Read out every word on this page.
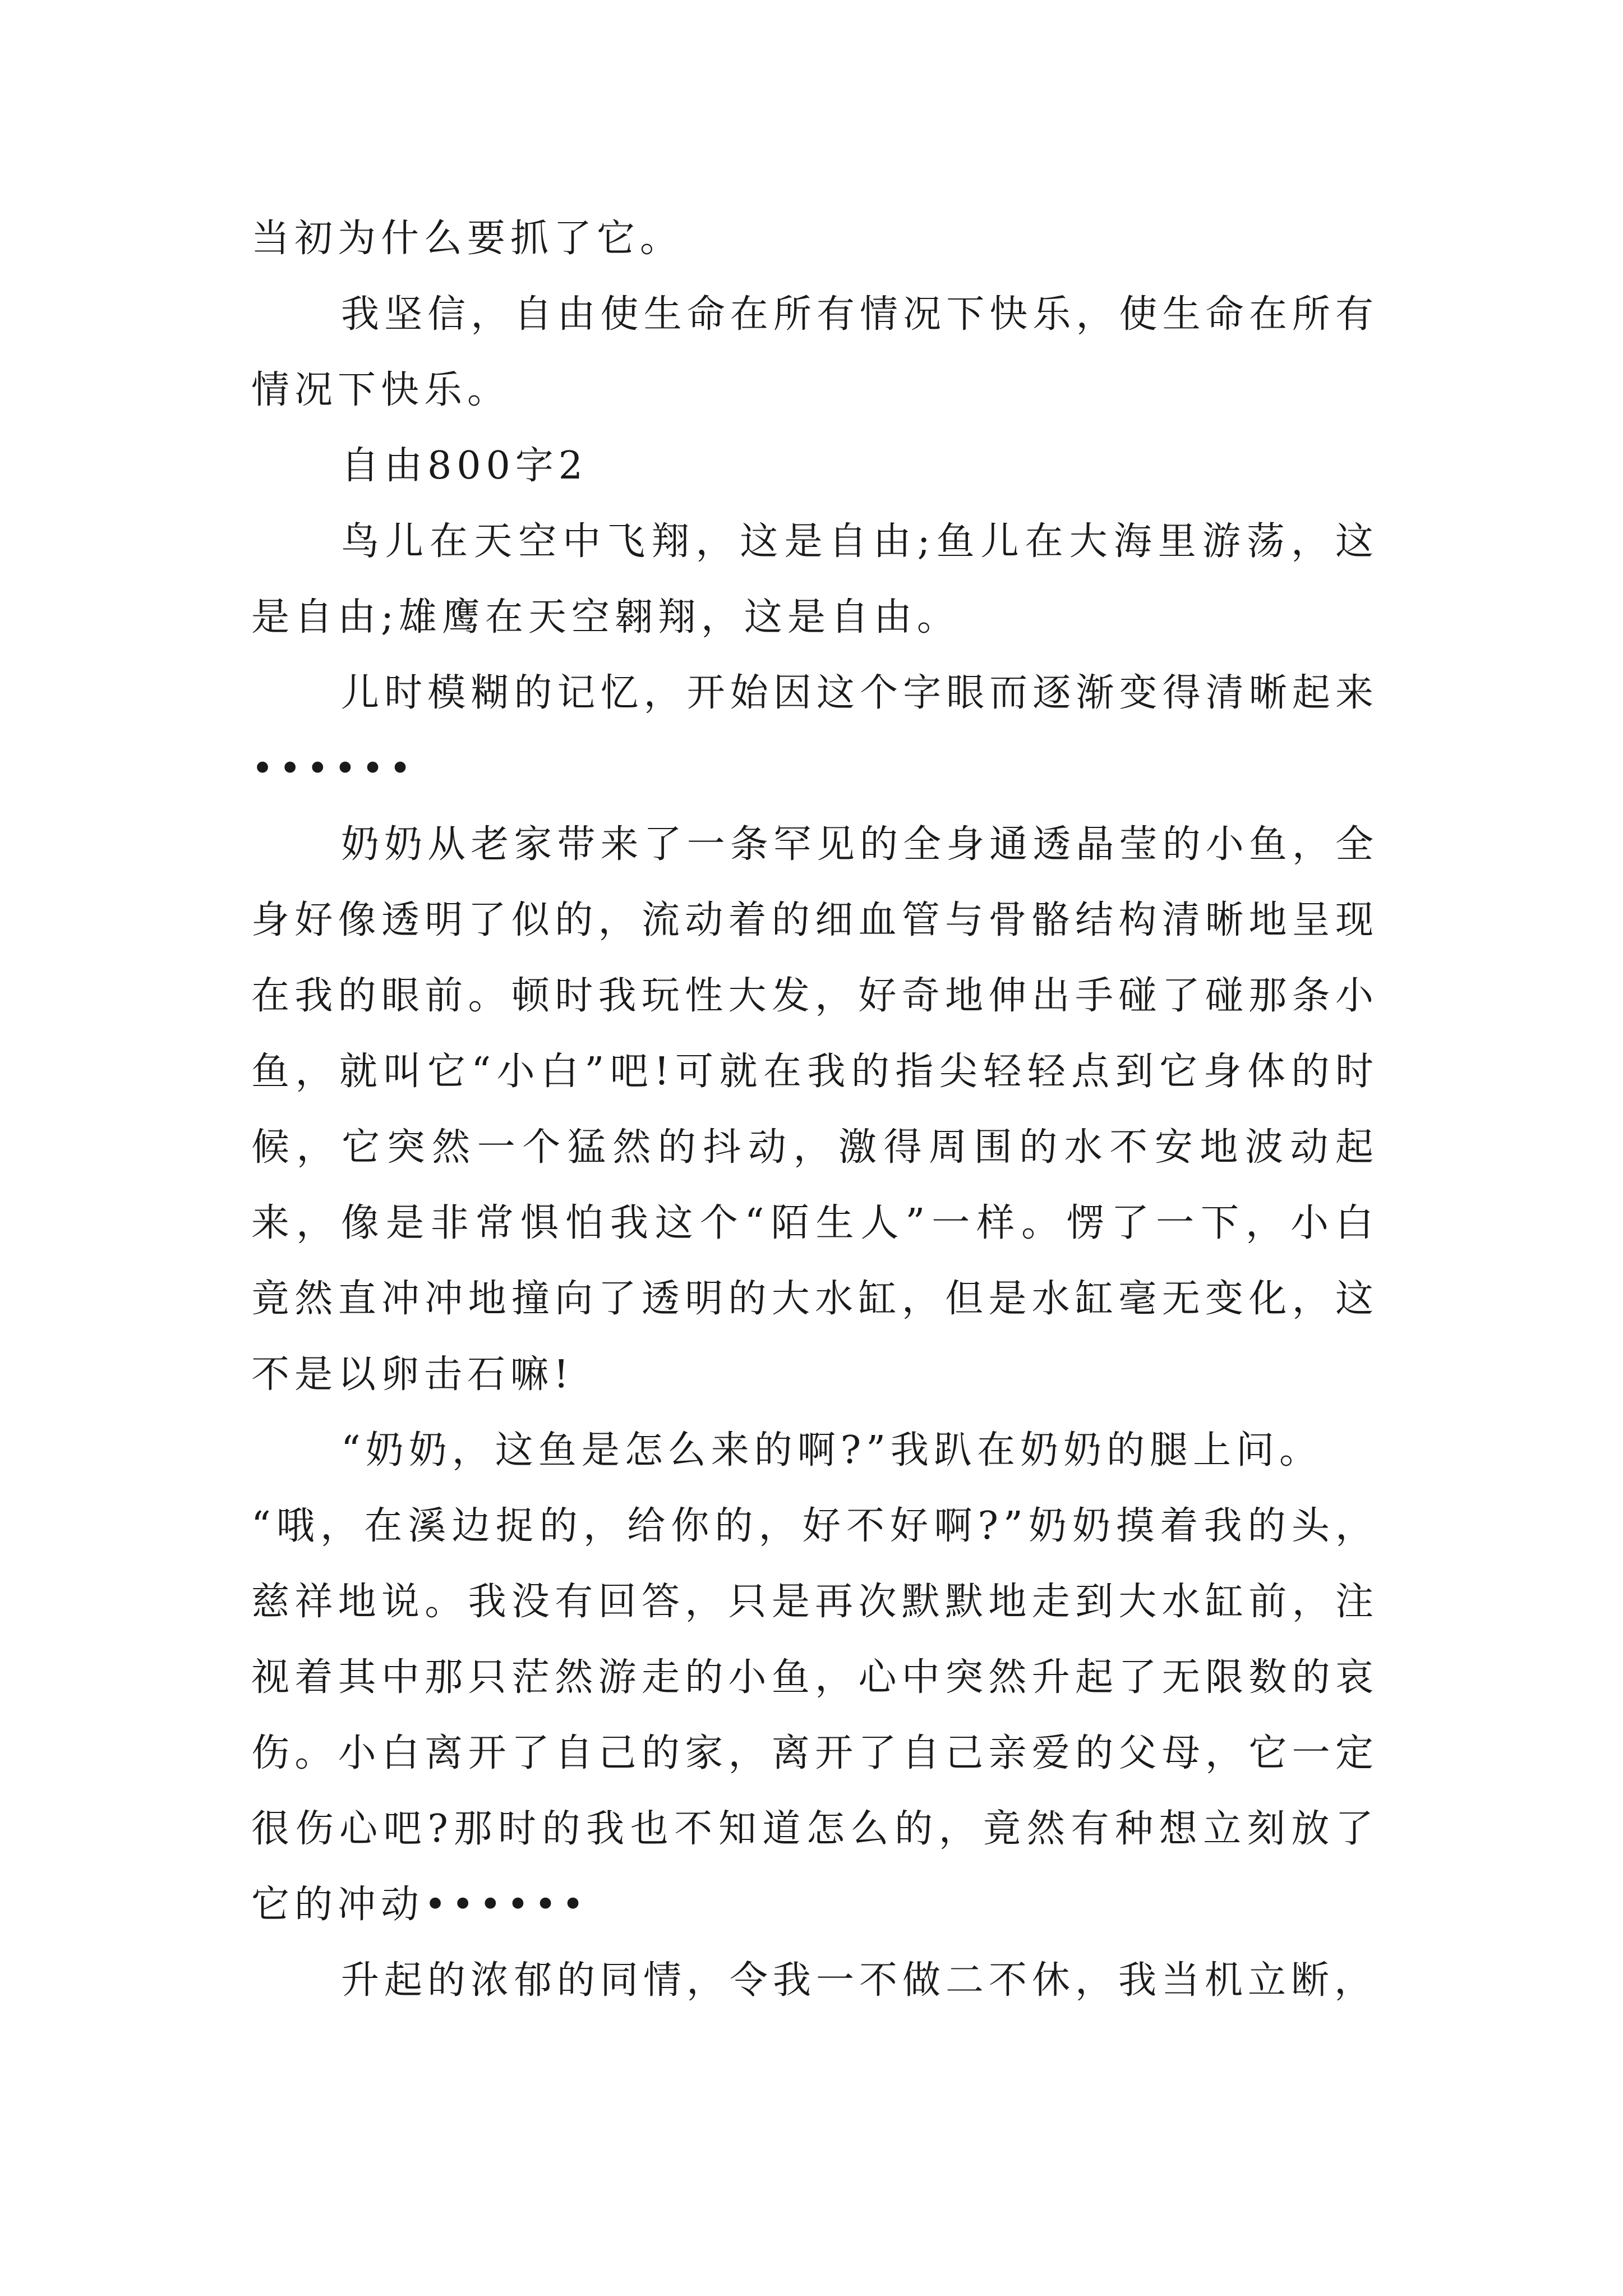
当初为什么要抓了它。

我坚信，自由使生命在所有情况下快乐，使生命在所有情况下快乐。

自由800字2

鸟儿在天空中飞翔，这是自由;鱼儿在大海里游荡，这是自由;雄鹰在天空翱翔，这是自由。

儿时模糊的记忆，开始因这个字眼而逐渐变得清晰起来••••••

奶奶从老家带来了一条罕见的全身通透晶莹的小鱼，全身好像透明了似的，流动着的细血管与骨骼结构清晰地呈现在我的眼前。顿时我玩性大发，好奇地伸出手碰了碰那条小鱼，就叫它“小白”吧!可就在我的指尖轻轻点到它身体的时候，它突然一个猛然的抖动，激得周围的水不安地波动起来，像是非常惧怕我这个“陌生人”一样。愣了一下，小白竟然直冲冲地撞向了透明的大水缸，但是水缸毫无变化，这不是以卵击石嘛!

“奶奶，这鱼是怎么来的啊?”我趴在奶奶的腿上问。

“哦，在溪边捉的，给你的，好不好啊?”奶奶摸着我的头，慈祥地说。我没有回答，只是再次默默地走到大水缸前，注视着其中那只茫然游走的小鱼，心中突然升起了无限数的哀伤。小白离开了自己的家，离开了自己亲爱的父母，它一定很伤心吧?那时的我也不知道怎么的，竟然有种想立刻放了它的冲动••••••

升起的浓郁的同情，令我一不做二不休，我当机立断，
